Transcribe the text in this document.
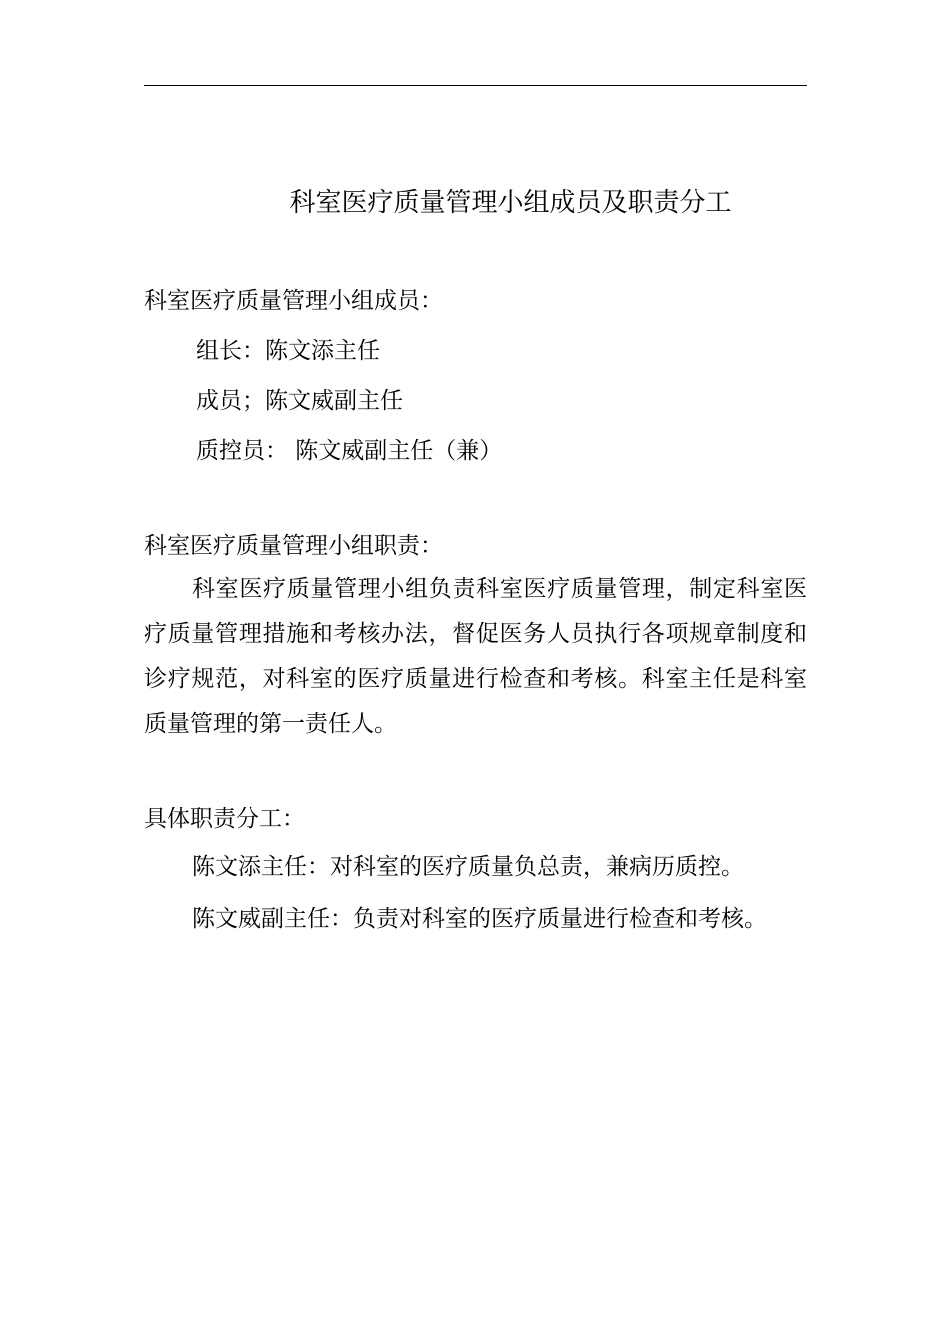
科室医疗质量管理小组成员及职责分工
科室医疗质量管理小组成员：
组长：陈文添主任
成员；陈文威副主任
质控员： 陈文威副主任（兼）
科室医疗质量管理小组职责：
科室医疗质量管理小组负责科室医疗质量管理，制定科室医疗质量管理措施和考核办法，督促医务人员执行各项规章制度和诊疗规范，对科室的医疗质量进行检查和考核。科室主任是科室质量管理的第一责任人。
具体职责分工：
陈文添主任：对科室的医疗质量负总责，兼病历质控。
陈文威副主任：负责对科室的医疗质量进行检查和考核。
